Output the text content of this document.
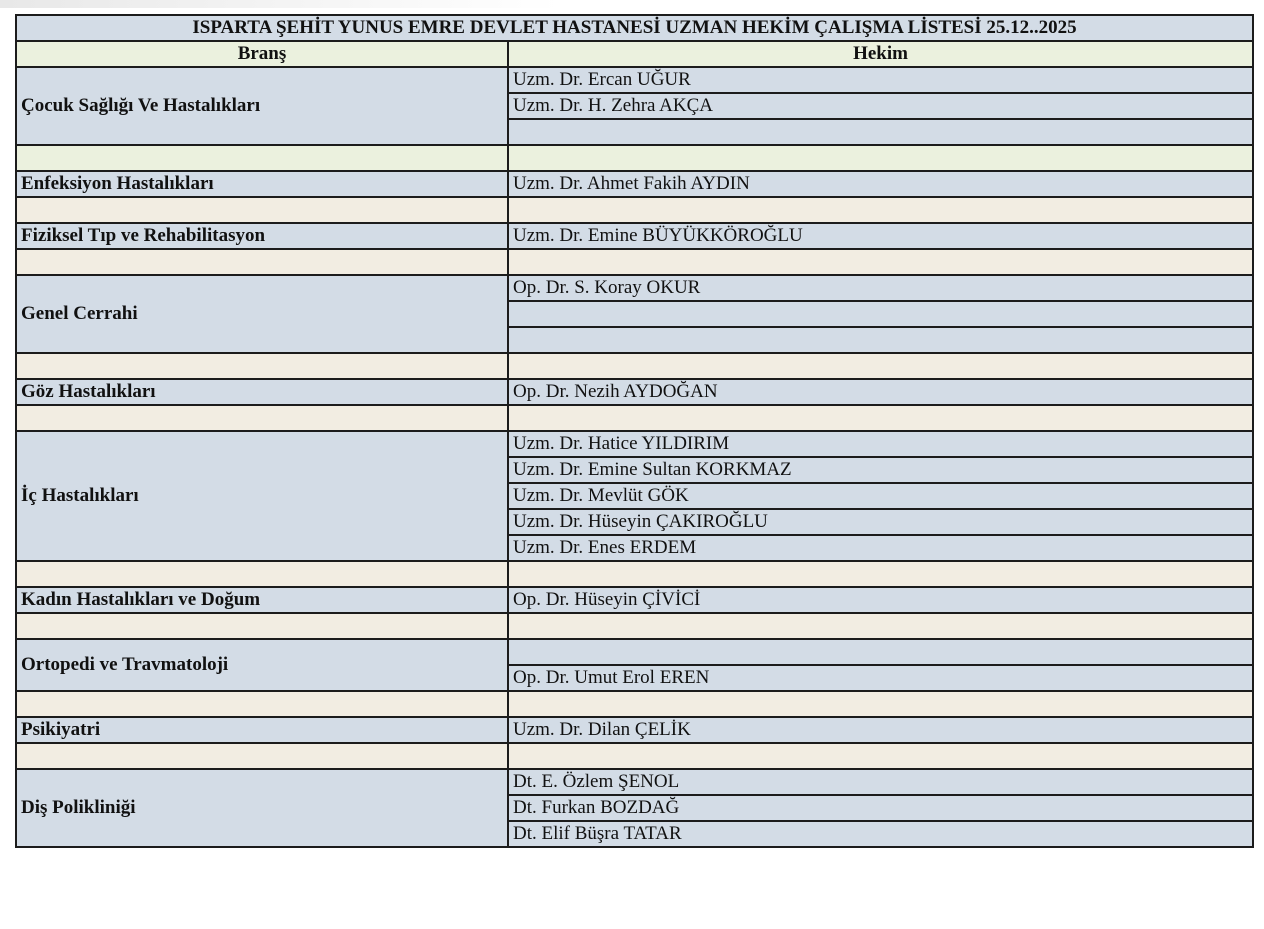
ISPARTA ŞEHİT YUNUS EMRE DEVLET HASTANESİ UZMAN HEKİM ÇALIŞMA LİSTESİ 25.12..2025	
Branş	Hekim
Çocuk Sağlığı Ve Hastalıkları	Uzm. Dr. Ercan UĞUR
	Uzm. Dr. H. Zehra AKÇA

Enfeksiyon Hastalıkları	Uzm. Dr. Ahmet Fakih AYDIN

Fiziksel Tıp ve Rehabilitasyon	Uzm. Dr. Emine BÜYÜKKÖROĞLU

Genel Cerrahi	Op. Dr. S. Koray OKUR

Göz Hastalıkları	Op. Dr. Nezih AYDOĞAN

İç Hastalıkları	Uzm. Dr. Hatice YILDIRIM
	Uzm. Dr. Emine Sultan KORKMAZ
	Uzm. Dr. Mevlüt GÖK
	Uzm. Dr. Hüseyin ÇAKIROĞLU
	Uzm. Dr. Enes ERDEM

Kadın Hastalıkları ve Doğum	Op. Dr. Hüseyin ÇİVİCİ

Ortopedi ve Travmatoloji	
	Op. Dr. Umut Erol EREN

Psikiyatri	Uzm. Dr. Dilan ÇELİK

Diş Polikliniği	Dt. E. Özlem ŞENOL
	Dt. Furkan BOZDAĞ
	Dt. Elif Büşra TATAR
